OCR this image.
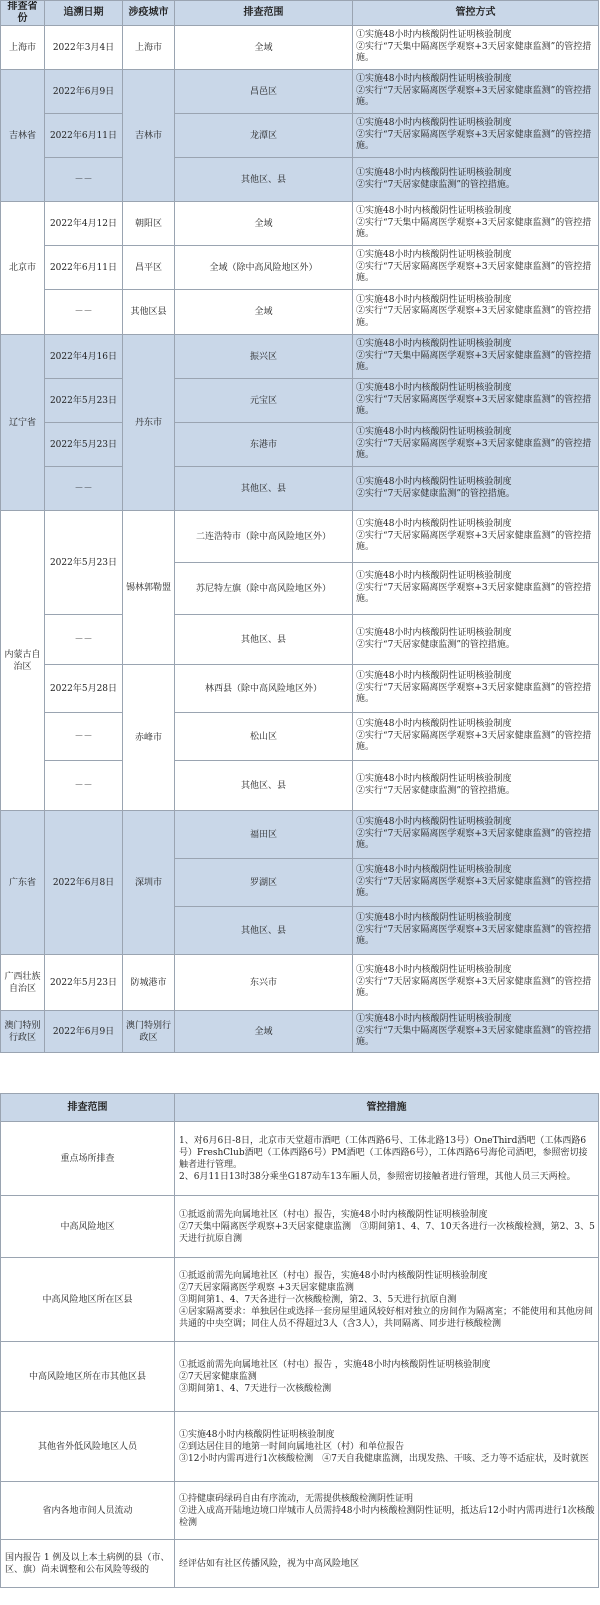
排查省份	追溯日期	涉疫城市	排查范围	管控方式
上海市	2022年3月4日	上海市	全域	①实施48小时内核酸阴性证明核验制度
②实行“7天集中隔离医学观察+3天居家健康监测”的管控措施。
吉林省	2022年6月9日	吉林市	昌邑区	①实施48小时内核酸阴性证明核验制度
②实行“7天居家隔离医学观察+3天居家健康监测”的管控措施。
	2022年6月11日		龙潭区	①实施48小时内核酸阴性证明核验制度
②实行“7天居家隔离医学观察+3天居家健康监测”的管控措施。
	－－		其他区、县	①实施48小时内核酸阴性证明核验制度
②实行“7天居家健康监测”的管控措施。
北京市	2022年4月12日	朝阳区	全域	①实施48小时内核酸阴性证明核验制度
②实行“7天集中隔离医学观察+3天居家健康监测”的管控措施。
	2022年6月11日	昌平区	全域（除中高风险地区外）	①实施48小时内核酸阴性证明核验制度
②实行“7天居家隔离医学观察+3天居家健康监测”的管控措施。
	－－	其他区县	全域	①实施48小时内核酸阴性证明核验制度
②实行“7天居家隔离医学观察+3天居家健康监测”的管控措施。
辽宁省	2022年4月16日	丹东市	振兴区	①实施48小时内核酸阴性证明核验制度
②实行“7天集中隔离医学观察+3天居家健康监测”的管控措施。
	2022年5月23日		元宝区	①实施48小时内核酸阴性证明核验制度
②实行“7天居家隔离医学观察+3天居家健康监测”的管控措施。
	2022年5月23日		东港市	①实施48小时内核酸阴性证明核验制度
②实行“7天居家隔离医学观察+3天居家健康监测”的管控措施。
	－－		其他区、县	①实施48小时内核酸阴性证明核验制度
②实行“7天居家健康监测”的管控措施。
内蒙古自治区	2022年5月23日	锡林郭勒盟	二连浩特市（除中高风险地区外）	①实施48小时内核酸阴性证明核验制度
②实行“7天居家隔离医学观察+3天居家健康监测”的管控措施。
			苏尼特左旗（除中高风险地区外）	①实施48小时内核酸阴性证明核验制度
②实行“7天居家隔离医学观察+3天居家健康监测”的管控措施。
	－－		其他区、县	①实施48小时内核酸阴性证明核验制度
②实行“7天居家健康监测”的管控措施。
	2022年5月28日	赤峰市	林西县（除中高风险地区外）	①实施48小时内核酸阴性证明核验制度
②实行“7天居家隔离医学观察+3天居家健康监测”的管控措施。
	－－		松山区	①实施48小时内核酸阴性证明核验制度
②实行“7天居家隔离医学观察+3天居家健康监测”的管控措施。
	－－		其他区、县	①实施48小时内核酸阴性证明核验制度
②实行“7天居家健康监测”的管控措施。
广东省	2022年6月8日	深圳市	福田区	①实施48小时内核酸阴性证明核验制度
②实行“7天居家隔离医学观察+3天居家健康监测”的管控措施。
			罗湖区	①实施48小时内核酸阴性证明核验制度
②实行“7天居家隔离医学观察+3天居家健康监测”的管控措施。
			其他区、县	①实施48小时内核酸阴性证明核验制度
②实行“7天居家隔离医学观察+3天居家健康监测”的管控措施。
广西壮族自治区	2022年5月23日	防城港市	东兴市	①实施48小时内核酸阴性证明核验制度
②实行“7天居家隔离医学观察+3天居家健康监测”的管控措施。
澳门特别行政区	2022年6月9日	澳门特别行政区	全域	①实施48小时内核酸阴性证明核验制度
②实行“7天集中隔离医学观察+3天居家健康监测”的管控措施。
排查范围	管控措施
重点场所排查	1、对6月6日-8日，北京市天堂超市酒吧（工体西路6号、工体北路13号）OneThird酒吧（工体西路6号）FreshClub酒吧（工体西路6号）PM酒吧（工体西路6号），工体西路6号海伦司酒吧，参照密切接触者进行管理。
2、6月11日13时38分乘坐G187动车13车厢人员，参照密切接触者进行管理，其他人员三天两检。
中高风险地区	①抵返前需先向属地社区（村屯）报告，实施48小时内核酸阴性证明核验制度
②7天集中隔离医学观察+3天居家健康监测　③期间第1、4、7、10天各进行一次核酸检测，第2、3、5天进行抗原自测
中高风险地区所在区县	①抵返前需先向属地社区（村屯）报告，实施48小时内核酸阴性证明核验制度
②7天居家隔离医学观察 +3天居家健康监测
③期间第1、4、7天各进行一次核酸检测，第2、3、5天进行抗原自测
④居家隔离要求：单独居住或选择一套房屋里通风较好相对独立的房间作为隔离室；不能使用和其他房间共通的中央空调；同住人员不得超过3人（含3人），共同隔离、同步进行核酸检测
中高风险地区所在市其他区县	①抵返前需先向属地社区（村屯）报告 ，实施48小时内核酸阴性证明核验制度
②7天居家健康监测
③期间第1、4、7天进行一次核酸检测
其他省外低风险地区人员	①实施48小时内核酸阴性证明核验制度
②到达居住目的地第一时间向属地社区（村）和单位报告
③12小时内需再进行1次核酸检测　④7天自我健康监测，出现发热、干咳、乏力等不适症状，及时就医
省内各地市间人员流动	①持健康码绿码自由有序流动，无需提供核酸检测阴性证明
②进入成高开陆地边境口岸城市人员需持48小时内核酸检测阴性证明，抵达后12小时内需再进行1次核酸检测
国内报告 1 例及以上本土病例的县（市、区、旗）尚未调整和公布风险等级的	经评估如有社区传播风险，视为中高风险地区
